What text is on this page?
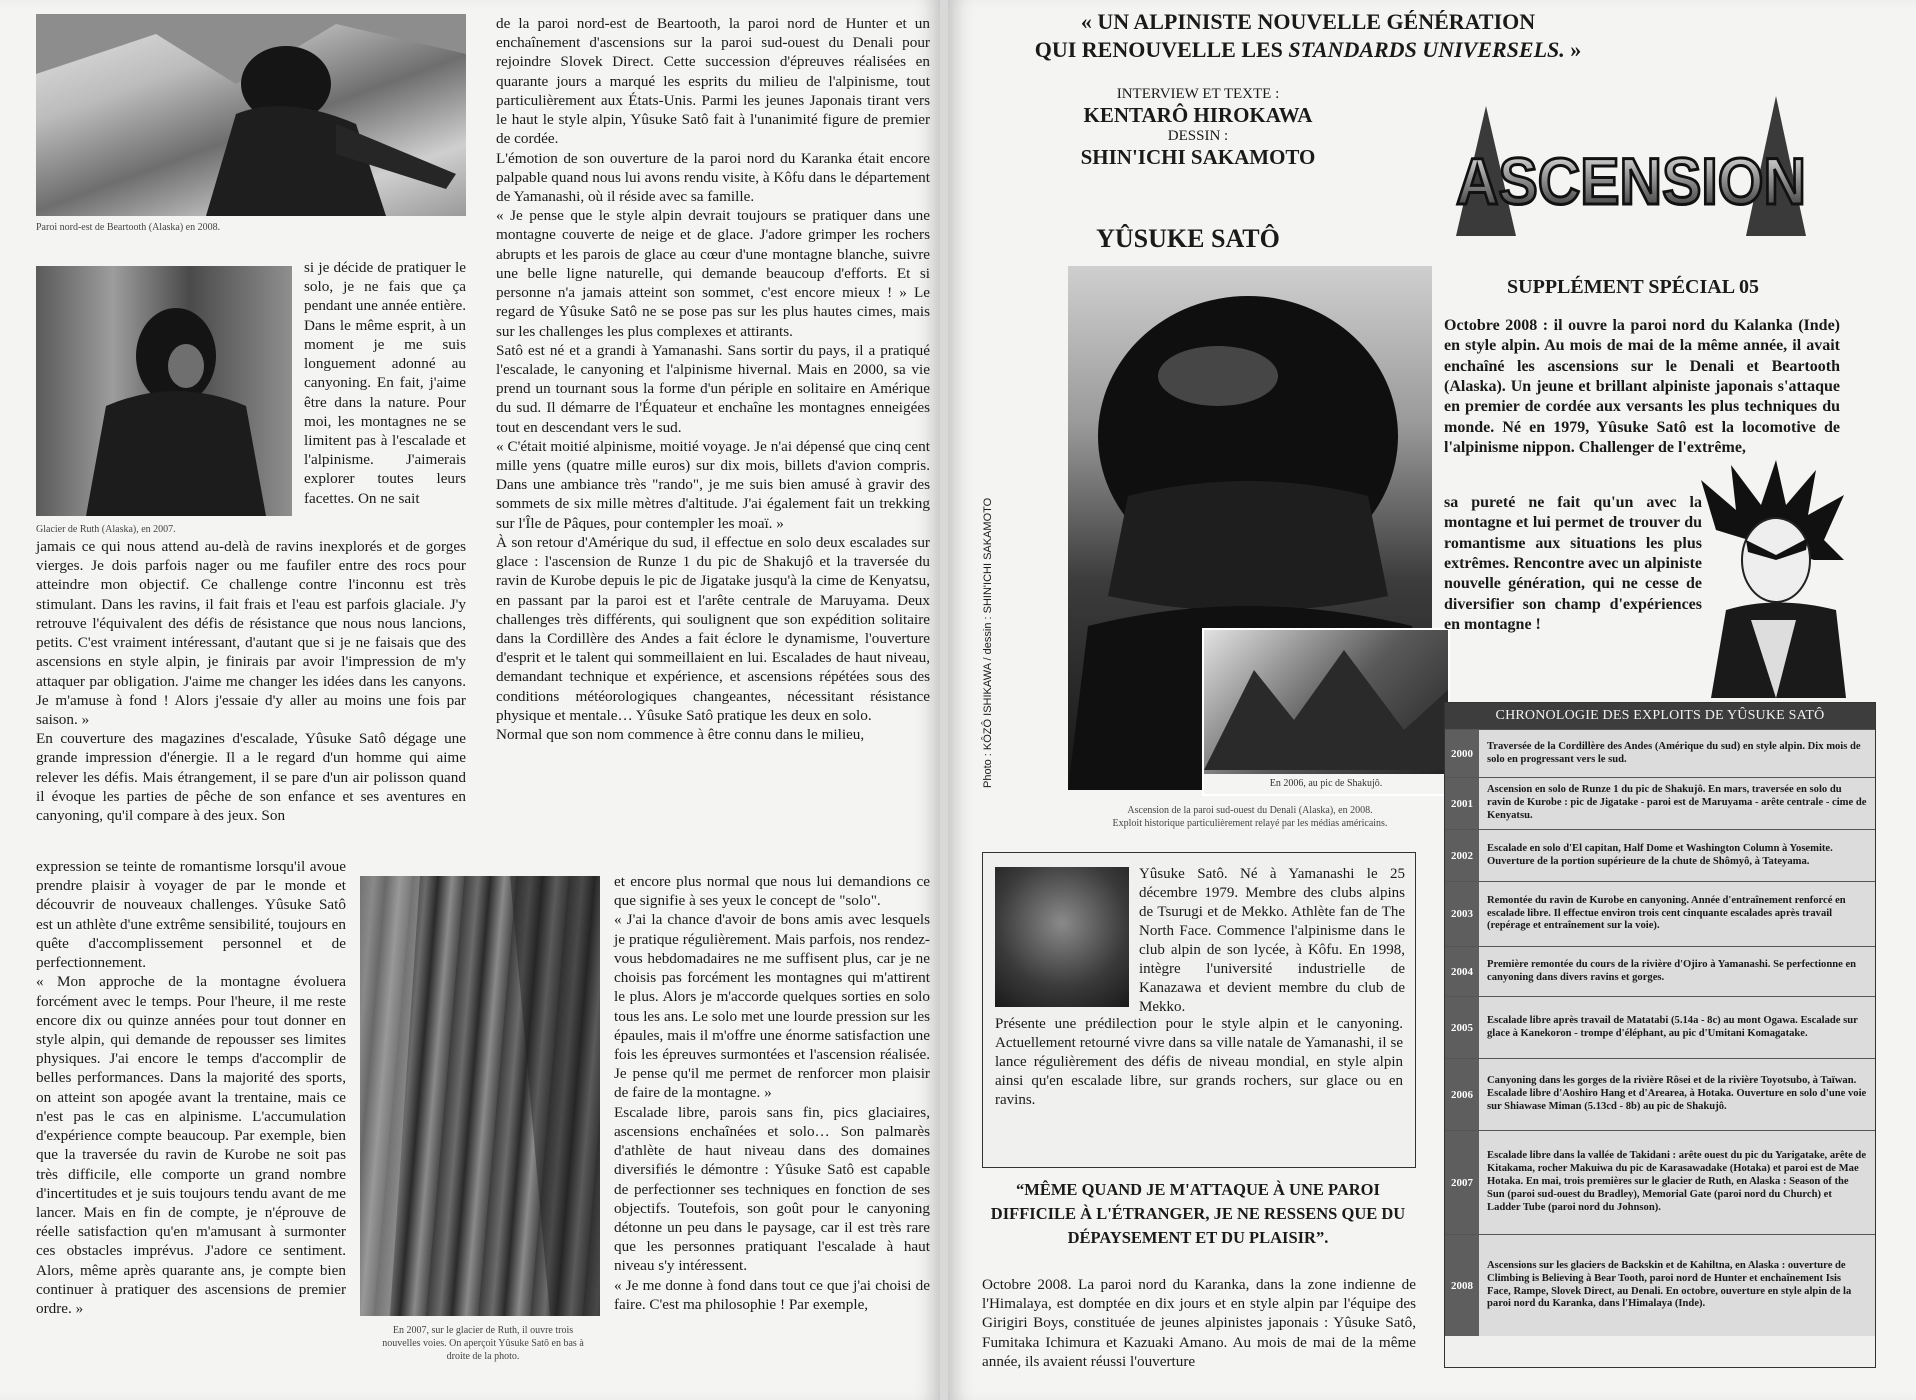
Paroi nord-est de Beartooth (Alaska) en 2008.
Glacier de Ruth (Alaska), en 2007.
si je décide de pratiquer le solo, je ne fais que ça pendant une année entière. Dans le même esprit, à un moment je me suis longuement adonné au canyoning. En fait, j'aime être dans la nature. Pour moi, les montagnes ne se limitent pas à l'escalade et l'alpinisme. J'aimerais explorer toutes leurs facettes. On ne sait

jamais ce qui nous attend au-delà de ravins inexplorés et de gorges vierges. Je dois parfois nager ou me faufiler entre des rocs pour atteindre mon objectif. Ce challenge contre l'inconnu est très stimulant. Dans les ravins, il fait frais et l'eau est parfois glaciale. J'y retrouve l'équivalent des défis de résistance que nous nous lancions, petits. C'est vraiment intéressant, d'autant que si je ne faisais que des ascensions en style alpin, je finirais par avoir l'impression de m'y attaquer par obligation. J'aime me changer les idées dans les canyons. Je m'amuse à fond ! Alors j'essaie d'y aller au moins une fois par saison. »

En couverture des magazines d'escalade, Yûsuke Satô dégage une grande impression d'énergie. Il a le regard d'un homme qui aime relever les défis. Mais étrangement, il se pare d'un air polisson quand il évoque les parties de pêche de son enfance et ses aventures en canyoning, qu'il compare à des jeux. Son

expression se teinte de romantisme lorsqu'il avoue prendre plaisir à voyager de par le monde et découvrir de nouveaux challenges. Yûsuke Satô est un athlète d'une extrême sensibilité, toujours en quête d'accomplissement personnel et de perfectionnement.
« Mon approche de la montagne évoluera forcément avec le temps. Pour l'heure, il me reste encore dix ou quinze années pour tout donner en style alpin, qui demande de repousser ses limites physiques. J'ai encore le temps d'accomplir de belles performances. Dans la majorité des sports, on atteint son apogée avant la trentaine, mais ce n'est pas le cas en alpinisme. L'accumulation d'expérience compte beaucoup. Par exemple, bien que la traversée du ravin de Kurobe ne soit pas très difficile, elle comporte un grand nombre d'incertitudes et je suis toujours tendu avant de me lancer. Mais en fin de compte, je n'éprouve de réelle satisfaction qu'en m'amusant à surmonter ces obstacles imprévus. J'adore ce sentiment. Alors, même après quarante ans, je compte bien continuer à pratiquer des ascensions de premier ordre. »
de la paroi nord-est de Beartooth, la paroi nord de Hunter et un enchaînement d'ascensions sur la paroi sud-ouest du Denali pour rejoindre Slovek Direct. Cette succession d'épreuves réalisées en quarante jours a marqué les esprits du milieu de l'alpinisme, tout particulièrement aux États-Unis. Parmi les jeunes Japonais tirant vers le haut le style alpin, Yûsuke Satô fait à l'unanimité figure de premier de cordée.
L'émotion de son ouverture de la paroi nord du Karanka était encore palpable quand nous lui avons rendu visite, à Kôfu dans le département de Yamanashi, où il réside avec sa famille.
« Je pense que le style alpin devrait toujours se pratiquer dans une montagne couverte de neige et de glace. J'adore grimper les rochers abrupts et les parois de glace au cœur d'une montagne blanche, suivre une belle ligne naturelle, qui demande beaucoup d'efforts. Et si personne n'a jamais atteint son sommet, c'est encore mieux ! » Le regard de Yûsuke Satô ne se pose pas sur les plus hautes cimes, mais sur les challenges les plus complexes et attirants.
Satô est né et a grandi à Yamanashi. Sans sortir du pays, il a pratiqué l'escalade, le canyoning et l'alpinisme hivernal. Mais en 2000, sa vie prend un tournant sous la forme d'un périple en solitaire en Amérique du sud. Il démarre de l'Équateur et enchaîne les montagnes enneigées tout en descendant vers le sud.
« C'était moitié alpinisme, moitié voyage. Je n'ai dépensé que cinq cent mille yens (quatre mille euros) sur dix mois, billets d'avion compris. Dans une ambiance très "rando", je me suis bien amusé à gravir des sommets de six mille mètres d'altitude. J'ai également fait un trekking sur l'Île de Pâques, pour contempler les moaï. »
À son retour d'Amérique du sud, il effectue en solo deux escalades sur glace : l'ascension de Runze 1 du pic de Shakujô et la traversée du ravin de Kurobe depuis le pic de Jigatake jusqu'à la cime de Kenyatsu, en passant par la paroi est et l'arête centrale de Maruyama. Deux challenges très différents, qui soulignent que son expédition solitaire dans la Cordillère des Andes a fait éclore le dynamisme, l'ouverture d'esprit et le talent qui sommeillaient en lui. Escalades de haut niveau, demandant technique et expérience, et ascensions répétées sous des conditions météorologiques changeantes, nécessitant résistance physique et mentale… Yûsuke Satô pratique les deux en solo.
Normal que son nom commence à être connu dans le milieu,
En 2007, sur le glacier de Ruth, il ouvre trois nouvelles voies. On aperçoit Yûsuke Satô en bas à droite de la photo.
et encore plus normal que nous lui demandions ce que signifie à ses yeux le concept de "solo".
« J'ai la chance d'avoir de bons amis avec lesquels je pratique régulièrement. Mais parfois, nos rendez-vous hebdomadaires ne me suffisent plus, car je ne choisis pas forcément les montagnes qui m'attirent le plus. Alors je m'accorde quelques sorties en solo tous les ans. Le solo met une lourde pression sur les épaules, mais il m'offre une énorme satisfaction une fois les épreuves surmontées et l'ascension réalisée. Je pense qu'il me permet de renforcer mon plaisir de faire de la montagne. »
Escalade libre, parois sans fin, pics glaciaires, ascensions enchaînées et solo… Son palmarès d'athlète de haut niveau dans des domaines diversifiés le démontre : Yûsuke Satô est capable de perfectionner ses techniques en fonction de ses objectifs. Toutefois, son goût pour le canyoning détonne un peu dans le paysage, car il est très rare que les personnes pratiquant l'escalade à haut niveau s'y intéressent.
« Je me donne à fond dans tout ce que j'ai choisi de faire. C'est ma philosophie ! Par exemple,
« UN ALPINISTE NOUVELLE GÉNÉRATION
QUI RENOUVELLE LES STANDARDS UNIVERSELS. »
INTERVIEW ET TEXTE :
KENTARÔ HIROKAWA
DESSIN :
SHIN'ICHI SAKAMOTO	ASCENSION
SUPPLÉMENT SPÉCIAL 05
YÛSUKE SATÔ
Photo : KÔZÔ ISHIKAWA / dessin : SHIN'ICHI SAKAMOTO	En 2006, au pic de Shakujô.
Ascension de la paroi sud-ouest du Denali (Alaska), en 2008.
Exploit historique particulièrement relayé par les médias américains.
Octobre 2008 : il ouvre la paroi nord du Kalanka (Inde) en style alpin. Au mois de mai de la même année, il avait enchaîné les ascensions sur le Denali et Beartooth (Alaska). Un jeune et brillant alpiniste japonais s'attaque en premier de cordée aux versants les plus techniques du monde. Né en 1979, Yûsuke Satô est la locomotive de l'alpinisme nippon. Challenger de l'extrême,
sa pureté ne fait qu'un avec la montagne et lui permet de trouver du romantisme aux situations les plus extrêmes. Rencontre avec un alpiniste nouvelle génération, qui ne cesse de diversifier son champ d'expériences en montagne !
Yûsuke Satô. Né à Yamanashi le 25 décembre 1979. Membre des clubs alpins de Tsurugi et de Mekko. Athlète fan de The North Face. Commence l'alpinisme dans le club alpin de son lycée, à Kôfu. En 1998, intègre l'université industrielle de Kanazawa et devient membre du club de Mekko.
Présente une prédilection pour le style alpin et le canyoning. Actuellement retourné vivre dans sa ville natale de Yamanashi, il se lance régulièrement des défis de niveau mondial, en style alpin ainsi qu'en escalade libre, sur grands rochers, sur glace ou en ravins.
“MÊME QUAND JE M'ATTAQUE À UNE PAROI DIFFICILE À L'ÉTRANGER, JE NE RESSENS QUE DU DÉPAYSEMENT ET DU PLAISIR”.
Octobre 2008. La paroi nord du Karanka, dans la zone indienne de l'Himalaya, est domptée en dix jours et en style alpin par l'équipe des Girigiri Boys, constituée de jeunes alpinistes japonais : Yûsuke Satô, Fumitaka Ichimura et Kazuaki Amano. Au mois de mai de la même année, ils avaient réussi l'ouverture
CHRONOLOGIE DES EXPLOITS DE YÛSUKE SATÔ
2000
Traversée de la Cordillère des Andes (Amérique du sud) en style alpin. Dix mois de solo en progressant vers le sud.
2001
Ascension en solo de Runze 1 du pic de Shakujô. En mars, traversée en solo du ravin de Kurobe : pic de Jigatake - paroi est de Maruyama - arête centrale - cime de Kenyatsu.
2002
Escalade en solo d'El capitan, Half Dome et Washington Column à Yosemite. Ouverture de la portion supérieure de la chute de Shômyô, à Tateyama.
2003
Remontée du ravin de Kurobe en canyoning. Année d'entraînement renforcé en escalade libre. Il effectue environ trois cent cinquante escalades après travail (repérage et entraînement sur la voie).
2004
Première remontée du cours de la rivière d'Ojiro à Yamanashi. Se perfectionne en canyoning dans divers ravins et gorges.
2005
Escalade libre après travail de Matatabi (5.14a - 8c) au mont Ogawa. Escalade sur glace à Kanekoron - trompe d'éléphant, au pic d'Umitani Komagatake.
2006
Canyoning dans les gorges de la rivière Rôsei et de la rivière Toyotsubo, à Taïwan. Escalade libre d'Aoshiro Hang et d'Arearea, à Hotaka. Ouverture en solo d'une voie sur Shiawase Miman (5.13cd - 8b) au pic de Shakujô.
2007
Escalade libre dans la vallée de Takidani : arête ouest du pic du Yarigatake, arête de Kitakama, rocher Makuiwa du pic de Karasawadake (Hotaka) et paroi est de Mae Hotaka. En mai, trois premières sur le glacier de Ruth, en Alaska : Season of the Sun (paroi sud-ouest du Bradley), Memorial Gate (paroi nord du Church) et Ladder Tube (paroi nord du Johnson).
2008
Ascensions sur les glaciers de Backskin et de Kahiltna, en Alaska : ouverture de Climbing is Believing à Bear Tooth, paroi nord de Hunter et enchaînement Isis Face, Rampe, Slovek Direct, au Denali. En octobre, ouverture en style alpin de la paroi nord du Karanka, dans l'Himalaya (Inde).
